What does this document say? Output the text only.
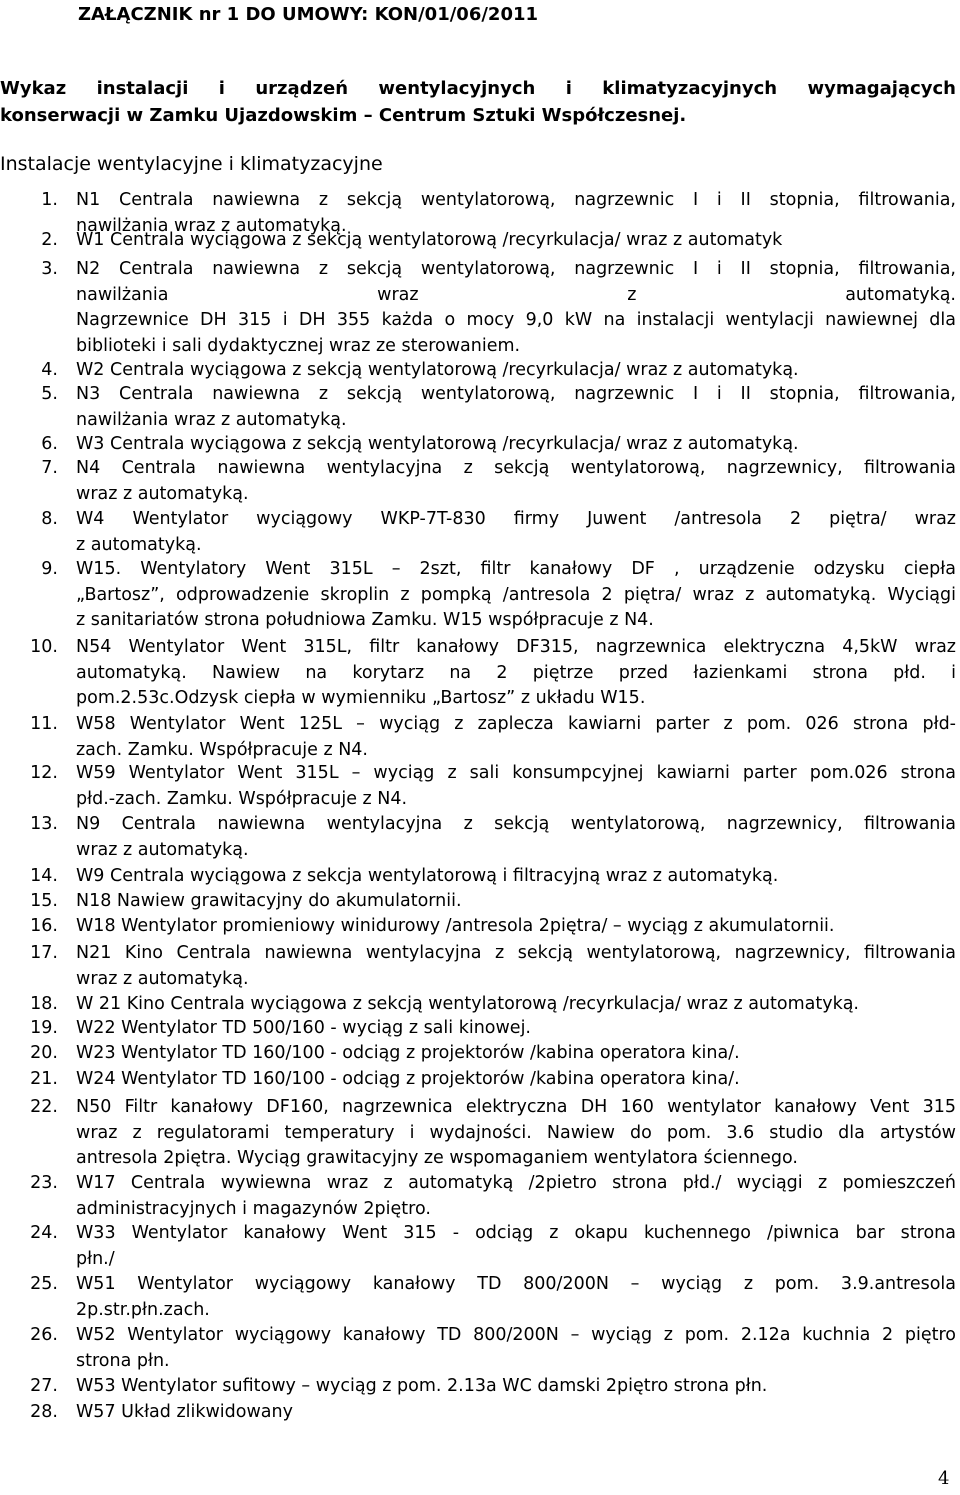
ZAŁĄCZNIK nr 1 DO UMOWY: KON/01/06/2011
Wykaz instalacji i urządzeń wentylacyjnych i klimatyzacyjnych wymagających
konserwacji w Zamku Ujazdowskim – Centrum Sztuki Współczesnej.
Instalacje wentylacyjne i klimatyzacyjne
1. N1 Centrala nawiewna z sekcją wentylatorową, nagrzewnic I i II stopnia, filtrowania,
nawilżania wraz z automatyką.
2. W1 Centrala wyciągowa z sekcją wentylatorową /recyrkulacja/ wraz z automatyk
3. N2 Centrala nawiewna z sekcją wentylatorową, nagrzewnic I i II stopnia, filtrowania,
nawilżania wraz z automatyką.
Nagrzewnice DH 315 i DH 355 każda o mocy 9,0 kW na instalacji wentylacji nawiewnej dla
biblioteki i sali dydaktycznej wraz ze sterowaniem.
4. W2 Centrala wyciągowa z sekcją wentylatorową /recyrkulacja/ wraz z automatyką.
5. N3 Centrala nawiewna z sekcją wentylatorową, nagrzewnic I i II stopnia, filtrowania,
nawilżania wraz z automatyką.
6. W3 Centrala wyciągowa z sekcją wentylatorową /recyrkulacja/ wraz z automatyką.
7. N4 Centrala nawiewna wentylacyjna z sekcją wentylatorową, nagrzewnicy, filtrowania
wraz z automatyką.
8. W4 Wentylator wyciągowy WKP-7T-830 firmy Juwent /antresola 2 piętra/ wraz
z automatyką.
9. W15. Wentylatory Went 315L – 2szt, filtr kanałowy DF , urządzenie odzysku ciepła
„Bartosz”, odprowadzenie skroplin z pompką /antresola 2 piętra/ wraz z automatyką. Wyciągi
z sanitariatów strona południowa Zamku. W15 współpracuje z N4.
10. N54 Wentylator Went 315L, filtr kanałowy DF315, nagrzewnica elektryczna 4,5kW wraz
automatyką. Nawiew na korytarz na 2 piętrze przed łazienkami strona płd. i
pom.2.53c.Odzysk ciepła w wymienniku „Bartosz” z układu W15.
11. W58 Wentylator Went 125L – wyciąg z zaplecza kawiarni parter z pom. 026 strona płd-
zach. Zamku. Współpracuje z N4.
12. W59 Wentylator Went 315L – wyciąg z sali konsumpcyjnej kawiarni parter pom.026 strona
płd.-zach. Zamku. Współpracuje z N4.
13. N9 Centrala nawiewna wentylacyjna z sekcją wentylatorową, nagrzewnicy, filtrowania
wraz z automatyką.
14. W9 Centrala wyciągowa z sekcja wentylatorową i filtracyjną wraz z automatyką.
15. N18 Nawiew grawitacyjny do akumulatornii.
16. W18 Wentylator promieniowy winidurowy /antresola 2piętra/ – wyciąg z akumulatornii.
17. N21 Kino Centrala nawiewna wentylacyjna z sekcją wentylatorową, nagrzewnicy, filtrowania
wraz z automatyką.
18. W 21 Kino Centrala wyciągowa z sekcją wentylatorową /recyrkulacja/ wraz z automatyką.
19. W22 Wentylator TD 500/160 - wyciąg z sali kinowej.
20. W23 Wentylator TD 160/100 - odciąg z projektorów /kabina operatora kina/.
21. W24 Wentylator TD 160/100 - odciąg z projektorów /kabina operatora kina/.
22. N50 Filtr kanałowy DF160, nagrzewnica elektryczna DH 160 wentylator kanałowy Vent 315
wraz z regulatorami temperatury i wydajności. Nawiew do pom. 3.6 studio dla artystów
antresola 2piętra. Wyciąg grawitacyjny ze wspomaganiem wentylatora ściennego.
23. W17 Centrala wywiewna wraz z automatyką /2pietro strona płd./ wyciągi z pomieszczeń
administracyjnych i magazynów 2piętro.
24. W33 Wentylator kanałowy Went 315 - odciąg z okapu kuchennego /piwnica bar strona
płn./
25. W51 Wentylator wyciągowy kanałowy TD 800/200N – wyciąg z pom. 3.9.antresola
2p.str.płn.zach.
26. W52 Wentylator wyciągowy kanałowy TD 800/200N – wyciąg z pom. 2.12a kuchnia 2 piętro
strona płn.
27. W53 Wentylator sufitowy – wyciąg z pom. 2.13a WC damski 2piętro strona płn.
28. W57 Układ zlikwidowany
4
